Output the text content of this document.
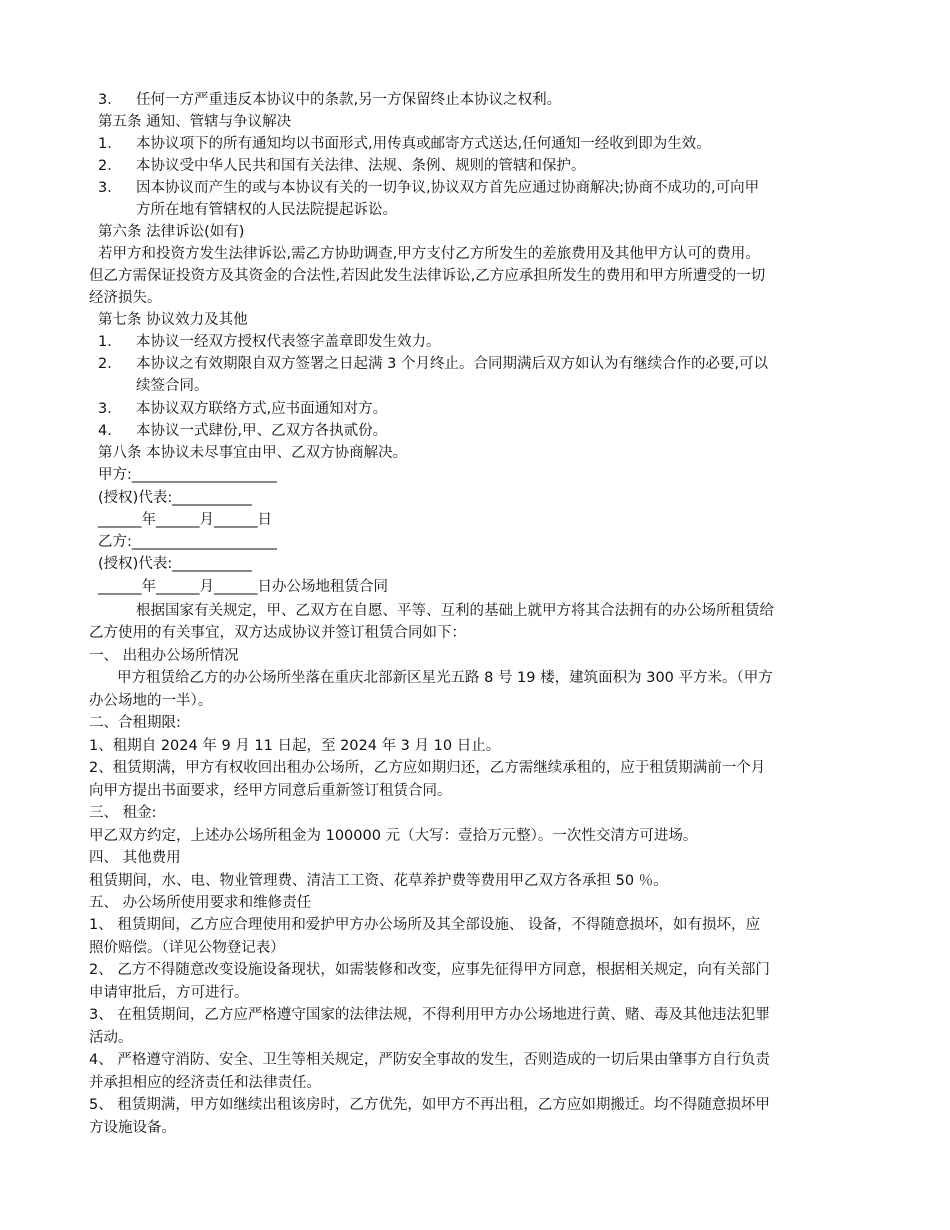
3． 任何一方严重违反本协议中的条款,另一方保留终止本协议之权利。
第五条 通知、管辖与争议解决
1． 本协议项下的所有通知均以书面形式,用传真或邮寄方式送达,任何通知一经收到即为生效。
2． 本协议受中华人民共和国有关法律、法规、条例、规则的管辖和保护。
3． 因本协议而产生的或与本协议有关的一切争议,协议双方首先应通过协商解决;协商不成功的,可向甲
方所在地有管辖权的人民法院提起诉讼。
第六条 法律诉讼(如有)
若甲方和投资方发生法律诉讼,需乙方协助调查,甲方支付乙方所发生的差旅费用及其他甲方认可的费用。
但乙方需保证投资方及其资金的合法性,若因此发生法律诉讼,乙方应承担所发生的费用和甲方所遭受的一切
经济损失。
第七条 协议效力及其他
1． 本协议一经双方授权代表签字盖章即发生效力。
2． 本协议之有效期限自双方签署之日起满 3 个月终止。合同期满后双方如认为有继续合作的必要,可以
续签合同。
3． 本协议双方联络方式,应书面通知对方。
4． 本协议一式肆份,甲、乙双方各执贰份。
第八条 本协议未尽事宜由甲、乙双方协商解决。
甲方:____________________
(授权)代表:___________
______年______月______日
乙方:____________________
(授权)代表:___________
______年______月______日办公场地租赁合同
根据国家有关规定，甲、乙双方在自愿、平等、互利的基础上就甲方将其合法拥有的办公场所租赁给
乙方使用的有关事宜，双方达成协议并签订租赁合同如下：
一、 出租办公场所情况
甲方租赁给乙方的办公场所坐落在重庆北部新区星光五路 8 号 19 楼，建筑面积为 300 平方米。（甲方
办公场地的一半）。
二、合租期限:
1、租期自 2024 年 9 月 11 日起，至 2024 年 3 月 10 日止。
2、租赁期满，甲方有权收回出租办公场所，乙方应如期归还，乙方需继续承租的，应于租赁期满前一个月
向甲方提出书面要求，经甲方同意后重新签订租赁合同。
三、 租金:
甲乙双方约定，上述办公场所租金为 100000 元（大写：壹拾万元整）。一次性交清方可进场。
四、 其他费用
租赁期间，水、电、物业管理费、清洁工工资、花草养护费等费用甲乙双方各承担 50 ％。
五、 办公场所使用要求和维修责任
1、 租赁期间，乙方应合理使用和爱护甲方办公场所及其全部设施、 设备，不得随意损坏，如有损坏，应
照价赔偿。（详见公物登记表）
2、 乙方不得随意改变设施设备现状，如需装修和改变，应事先征得甲方同意，根据相关规定，向有关部门
申请审批后，方可进行。
3、 在租赁期间，乙方应严格遵守国家的法律法规，不得利用甲方办公场地进行黄、赌、毒及其他违法犯罪
活动。
4、 严格遵守消防、安全、卫生等相关规定，严防安全事故的发生，否则造成的一切后果由肇事方自行负责
并承担相应的经济责任和法律责任。
5、 租赁期满，甲方如继续出租该房时，乙方优先，如甲方不再出租，乙方应如期搬迁。均不得随意损坏甲
方设施设备。
